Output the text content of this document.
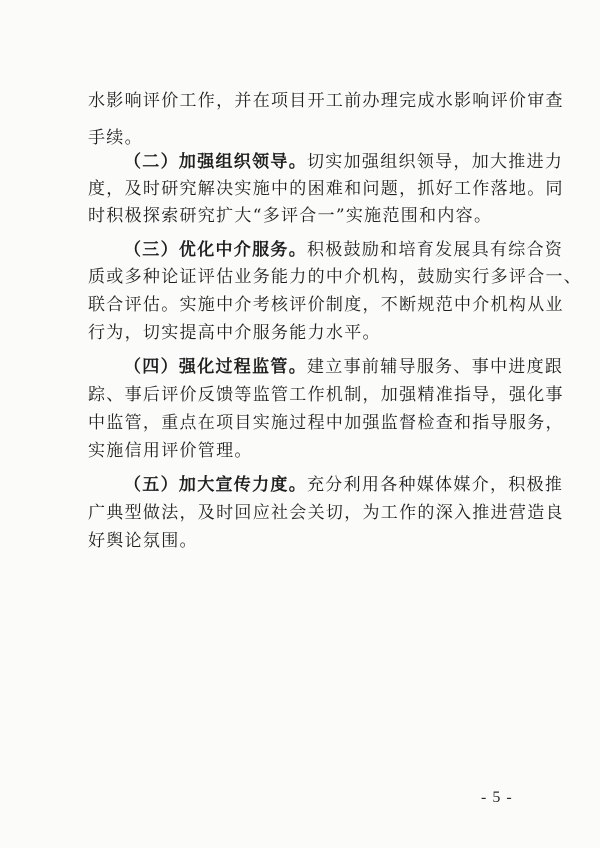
水影响评价工作，并在项目开工前办理完成水影响评价审查
手续。
（二）加强组织领导。切实加强组织领导，加大推进力
度，及时研究解决实施中的困难和问题，抓好工作落地。同
时积极探索研究扩大“多评合一”实施范围和内容。
（三）优化中介服务。积极鼓励和培育发展具有综合资
质或多种论证评估业务能力的中介机构，鼓励实行多评合一、
联合评估。实施中介考核评价制度，不断规范中介机构从业
行为，切实提高中介服务能力水平。
（四）强化过程监管。建立事前辅导服务、事中进度跟
踪、事后评价反馈等监管工作机制，加强精准指导，强化事
中监管，重点在项目实施过程中加强监督检查和指导服务，
实施信用评价管理。
（五）加大宣传力度。充分利用各种媒体媒介，积极推
广典型做法，及时回应社会关切，为工作的深入推进营造良
好舆论氛围。
- 5 -
